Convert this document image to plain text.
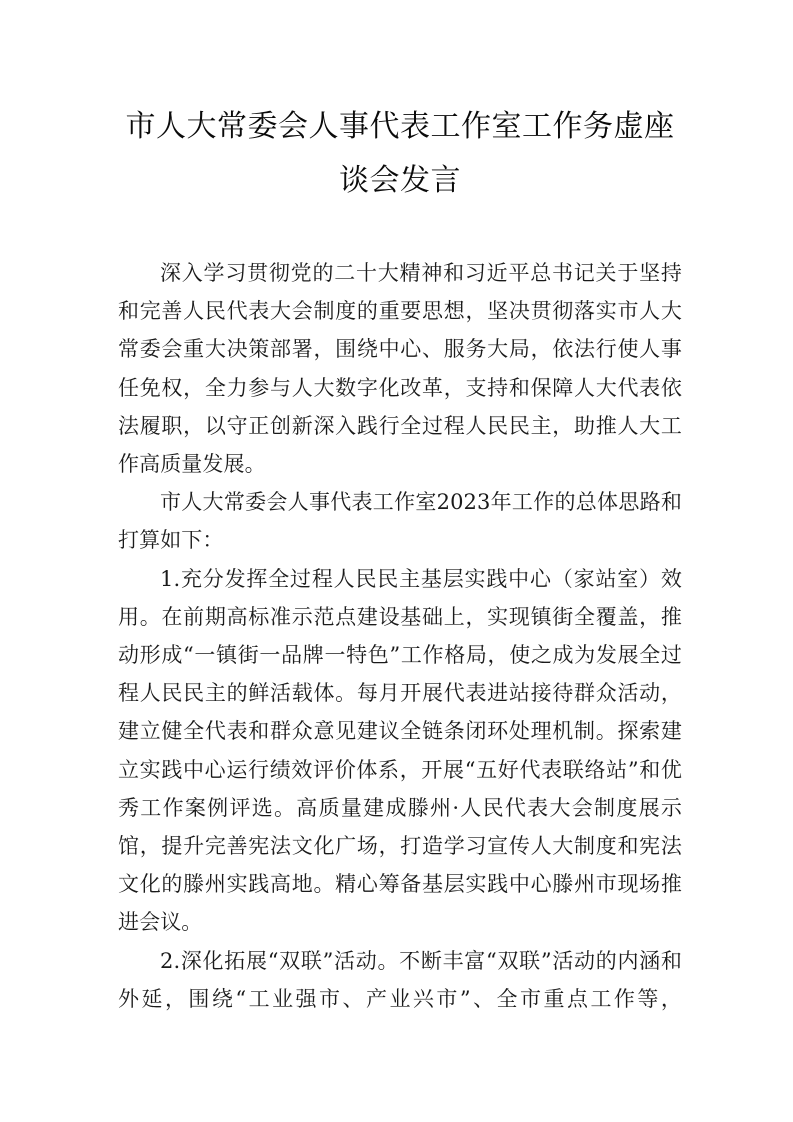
市人大常委会人事代表工作室工作务虚座
谈会发言

深入学习贯彻党的二十大精神和习近平总书记关于坚持和完善人民代表大会制度的重要思想，坚决贯彻落实市人大常委会重大决策部署，围绕中心、服务大局，依法行使人事任免权，全力参与人大数字化改革，支持和保障人大代表依法履职，以守正创新深入践行全过程人民民主，助推人大工作高质量发展。

市人大常委会人事代表工作室2023年工作的总体思路和打算如下：

1.充分发挥全过程人民民主基层实践中心（家站室）效用。在前期高标准示范点建设基础上，实现镇街全覆盖，推动形成“一镇街一品牌一特色”工作格局，使之成为发展全过程人民民主的鲜活载体。每月开展代表进站接待群众活动，建立健全代表和群众意见建议全链条闭环处理机制。探索建立实践中心运行绩效评价体系，开展“五好代表联络站”和优秀工作案例评选。高质量建成滕州·人民代表大会制度展示馆，提升完善宪法文化广场，打造学习宣传人大制度和宪法文化的滕州实践高地。精心筹备基层实践中心滕州市现场推进会议。

2.深化拓展“双联”活动。不断丰富“双联”活动的内涵和外延，围绕“工业强市、产业兴市”、全市重点工作等，
